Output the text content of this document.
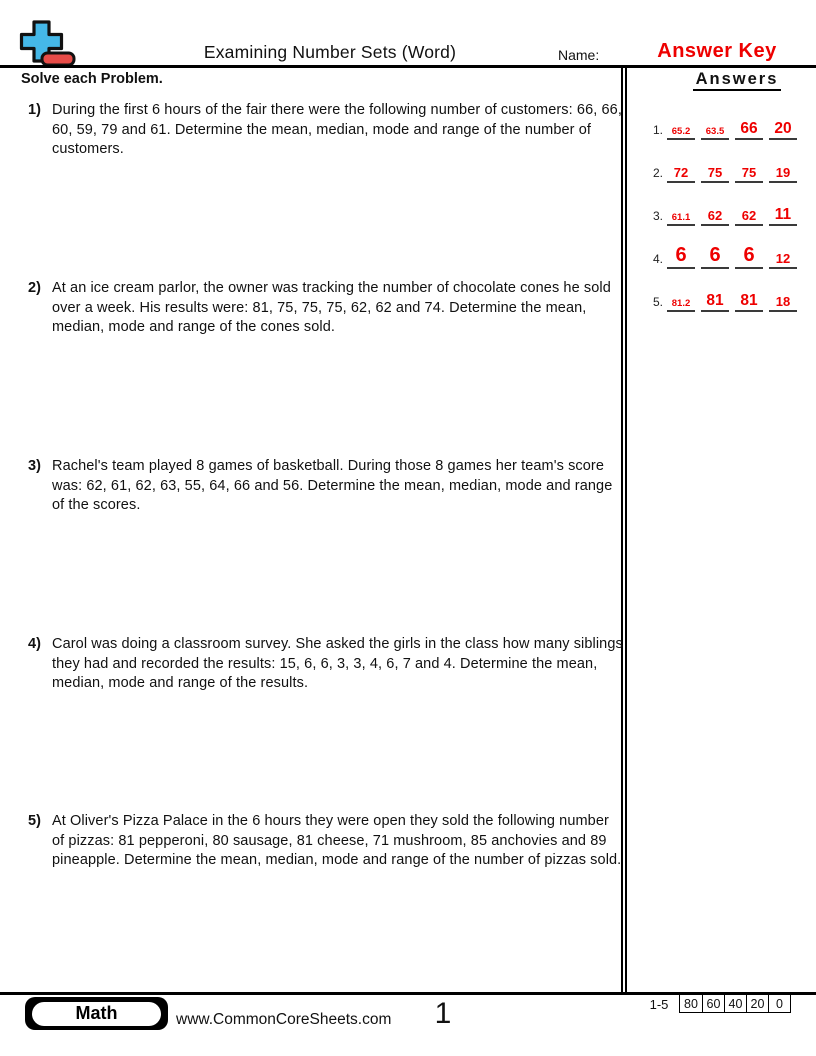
Examining Number Sets (Word)	Name:	Answer Key
Solve each Problem.	Answers
1. 65.2 63.5 66 20
2. 72 75 75 19
3. 61.1 62 62 11
4. 6 6 6 12
5. 81.2 81 81 18
1) During the first 6 hours of the fair there were the following number of customers: 66, 66, 60, 59, 79 and 61. Determine the mean, median, mode and range of the number of customers.
2) At an ice cream parlor, the owner was tracking the number of chocolate cones he sold over a week. His results were: 81, 75, 75, 75, 62, 62 and 74. Determine the mean, median, mode and range of the cones sold.
3) Rachel's team played 8 games of basketball. During those 8 games her team's score was: 62, 61, 62, 63, 55, 64, 66 and 56. Determine the mean, median, mode and range of the scores.
4) Carol was doing a classroom survey. She asked the girls in the class how many siblings they had and recorded the results: 15, 6, 6, 3, 3, 4, 6, 7 and 4. Determine the mean, median, mode and range of the results.
5) At Oliver's Pizza Palace in the 6 hours they were open they sold the following number of pizzas: 81 pepperoni, 80 sausage, 81 cheese, 71 mushroom, 85 anchovies and 89 pineapple. Determine the mean, median, mode and range of the number of pizzas sold.
Math	www.CommonCoreSheets.com	1	1-5	80 60 40 20 0
